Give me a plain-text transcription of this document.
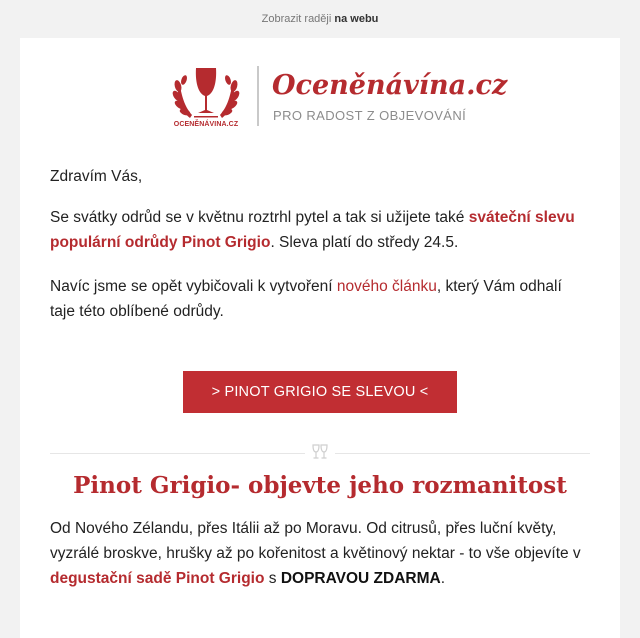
Zobrazit raději na webu
OCENĚNÁVINA.CZ
Oceněnávína.cz
PRO RADOST Z OBJEVOVÁNÍ

Zdravím Vás,

Se svátky odrůd se v květnu roztrhl pytel a tak si užijete také sváteční slevu populární odrůdy Pinot Grigio. Sleva platí do středy 24.5.

Navíc jsme se opět vybičovali k vytvoření nového článku, který Vám odhalí taje této oblíbené odrůdy.

> PINOT GRIGIO SE SLEVOU <
Pinot Grigio- objevte jeho rozmanitost

Od Nového Zélandu, přes Itálii až po Moravu. Od citrusů, přes luční květy, vyzrálé broskve, hrušky až po kořenitost a květinový nektar - to vše objevíte v degustační sadě Pinot Grigio s DOPRAVOU ZDARMA.
